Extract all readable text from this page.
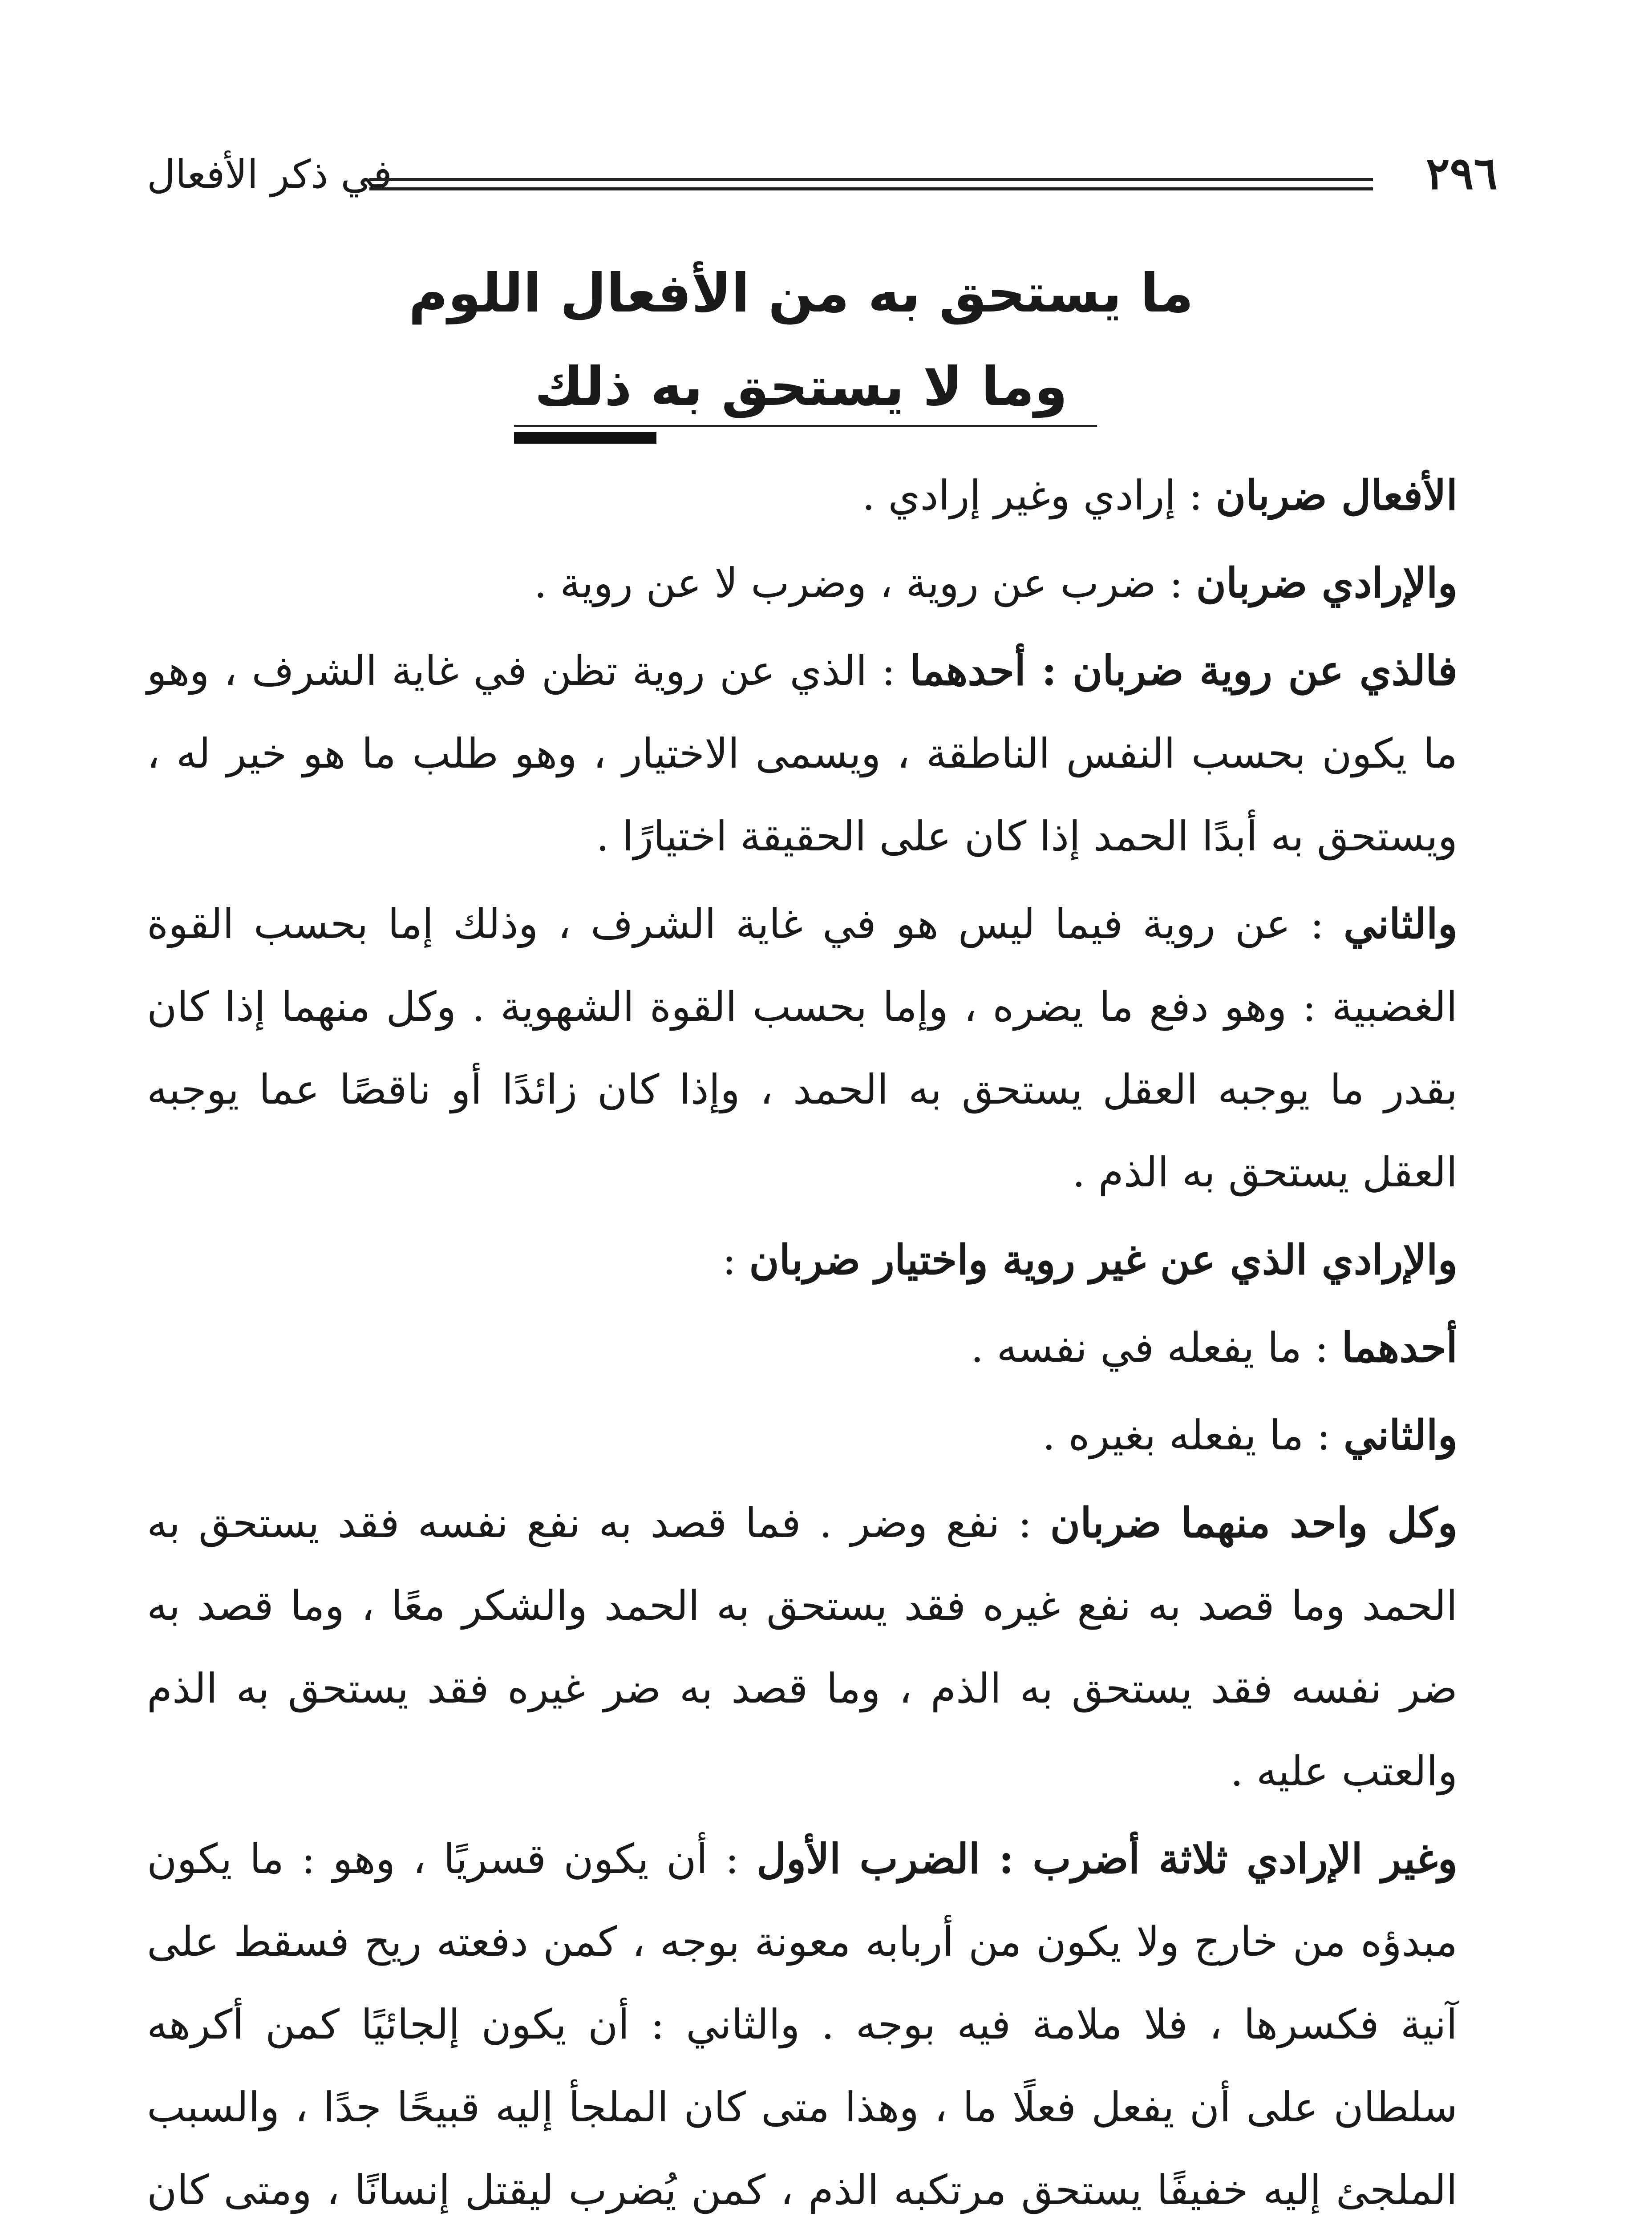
في ذكر الأفعال	٢٩٦
ما يستحق به من الأفعال اللوم
وما لا يستحق به ذلك

الأفعال ضربان : إرادي وغير إرادي .

والإرادي ضربان : ضرب عن روية ، وضرب لا عن روية .

فالذي عن روية ضربان : أحدهما : الذي عن روية تظن في غاية الشرف ، وهو ما يكون بحسب النفس الناطقة ، ويسمى الاختيار ، وهو طلب ما هو خير له ، ويستحق به أبدًا الحمد إذا كان على الحقيقة اختيارًا .

والثاني : عن روية فيما ليس هو في غاية الشرف ، وذلك إما بحسب القوة الغضبية : وهو دفع ما يضره ، وإما بحسب القوة الشهوية . وكل منهما إذا كان بقدر ما يوجبه العقل يستحق به الحمد ، وإذا كان زائدًا أو ناقصًا عما يوجبه العقل يستحق به الذم .

والإرادي الذي عن غير روية واختيار ضربان :

أحدهما : ما يفعله في نفسه .

والثاني : ما يفعله بغيره .

وكل واحد منهما ضربان : نفع وضر . فما قصد به نفع نفسه فقد يستحق به الحمد وما قصد به نفع غيره فقد يستحق به الحمد والشكر معًا ، وما قصد به ضر نفسه فقد يستحق به الذم ، وما قصد به ضر غيره فقد يستحق به الذم والعتب عليه .

وغير الإرادي ثلاثة أضرب : الضرب الأول : أن يكون قسريًا ، وهو : ما يكون مبدؤه من خارج ولا يكون من أربابه معونة بوجه ، كمن دفعته ريح فسقط على آنية فكسرها ، فلا ملامة فيه بوجه . والثاني : أن يكون إلجائيًا كمن أكرهه سلطان على أن يفعل فعلًا ما ، وهذا متى كان الملجأ إليه قبيحًا جدًا ، والسبب الملجئ إليه خفيفًا يستحق مرتكبه الذم ، كمن يُضرب ليقتل إنسانًا ، ومتى كان
